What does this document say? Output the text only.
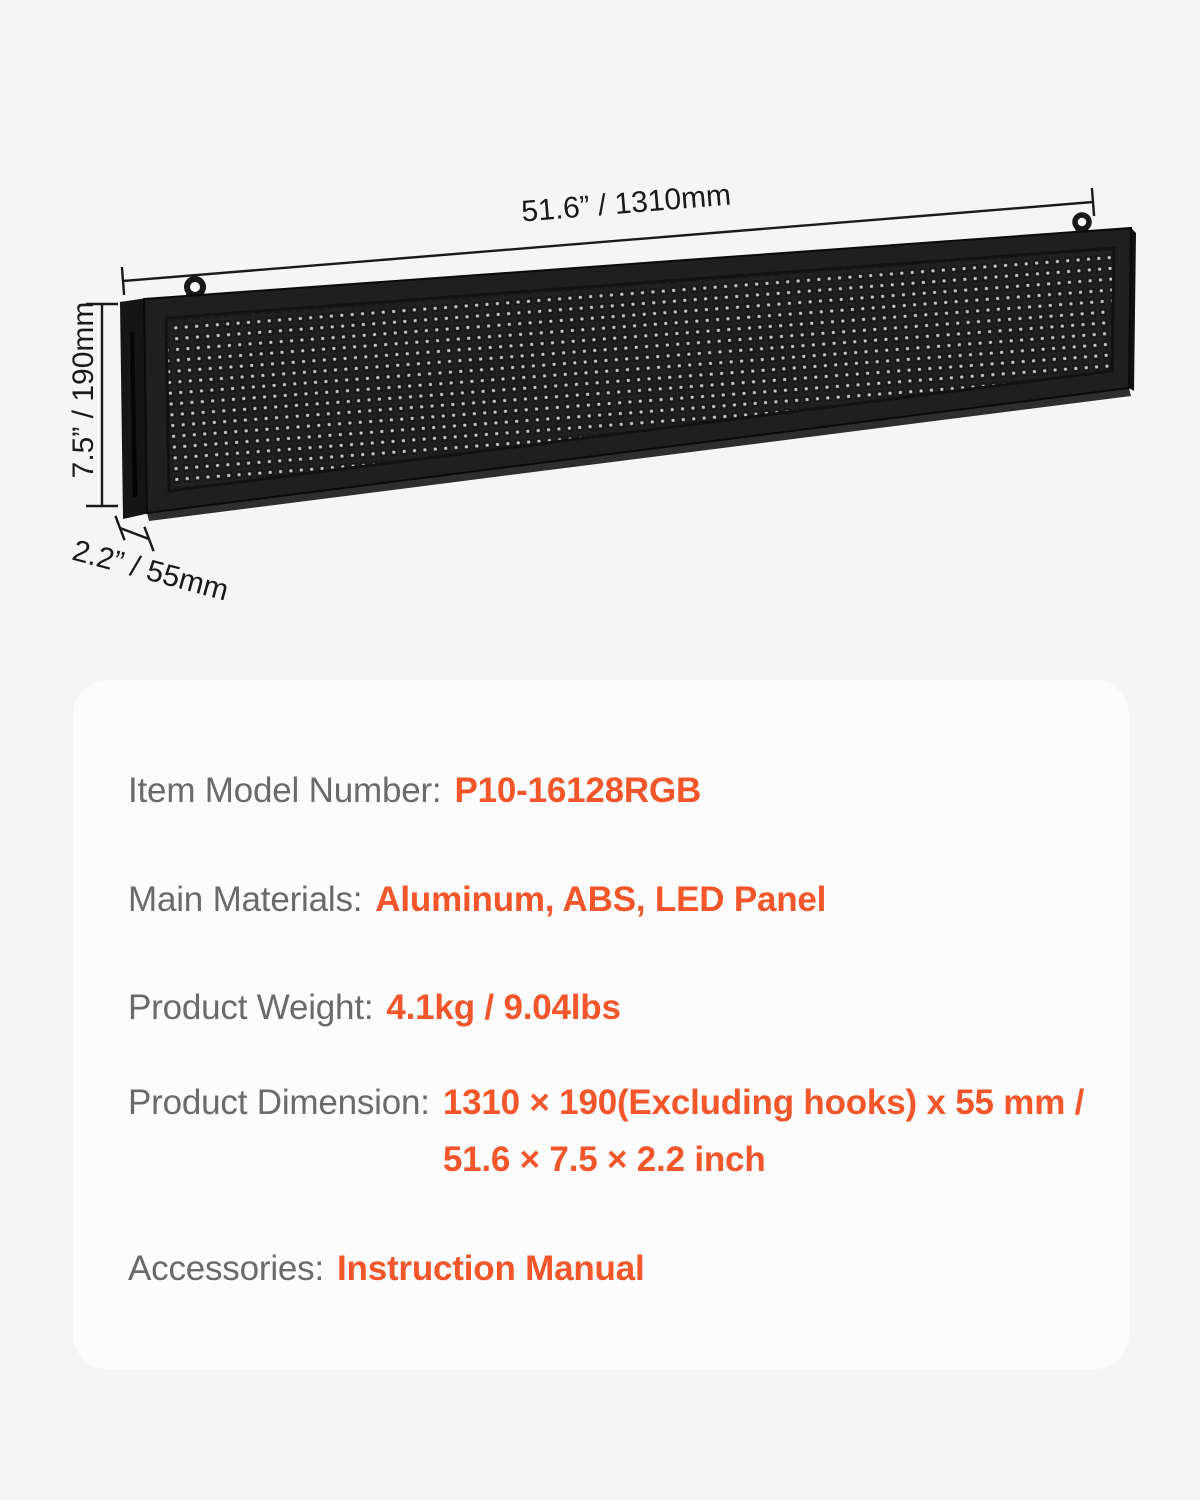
51.6” / 1310mm
7.5” / 190mm
2.2” / 55mm
Item Model Number: P10-16128RGB
Main Materials: Aluminum, ABS, LED Panel
Product Weight: 4.1kg / 9.04lbs
Product Dimension: 1310 × 190(Excluding hooks) x 55 mm /
51.6 × 7.5 × 2.2 inch
Accessories: Instruction Manual
